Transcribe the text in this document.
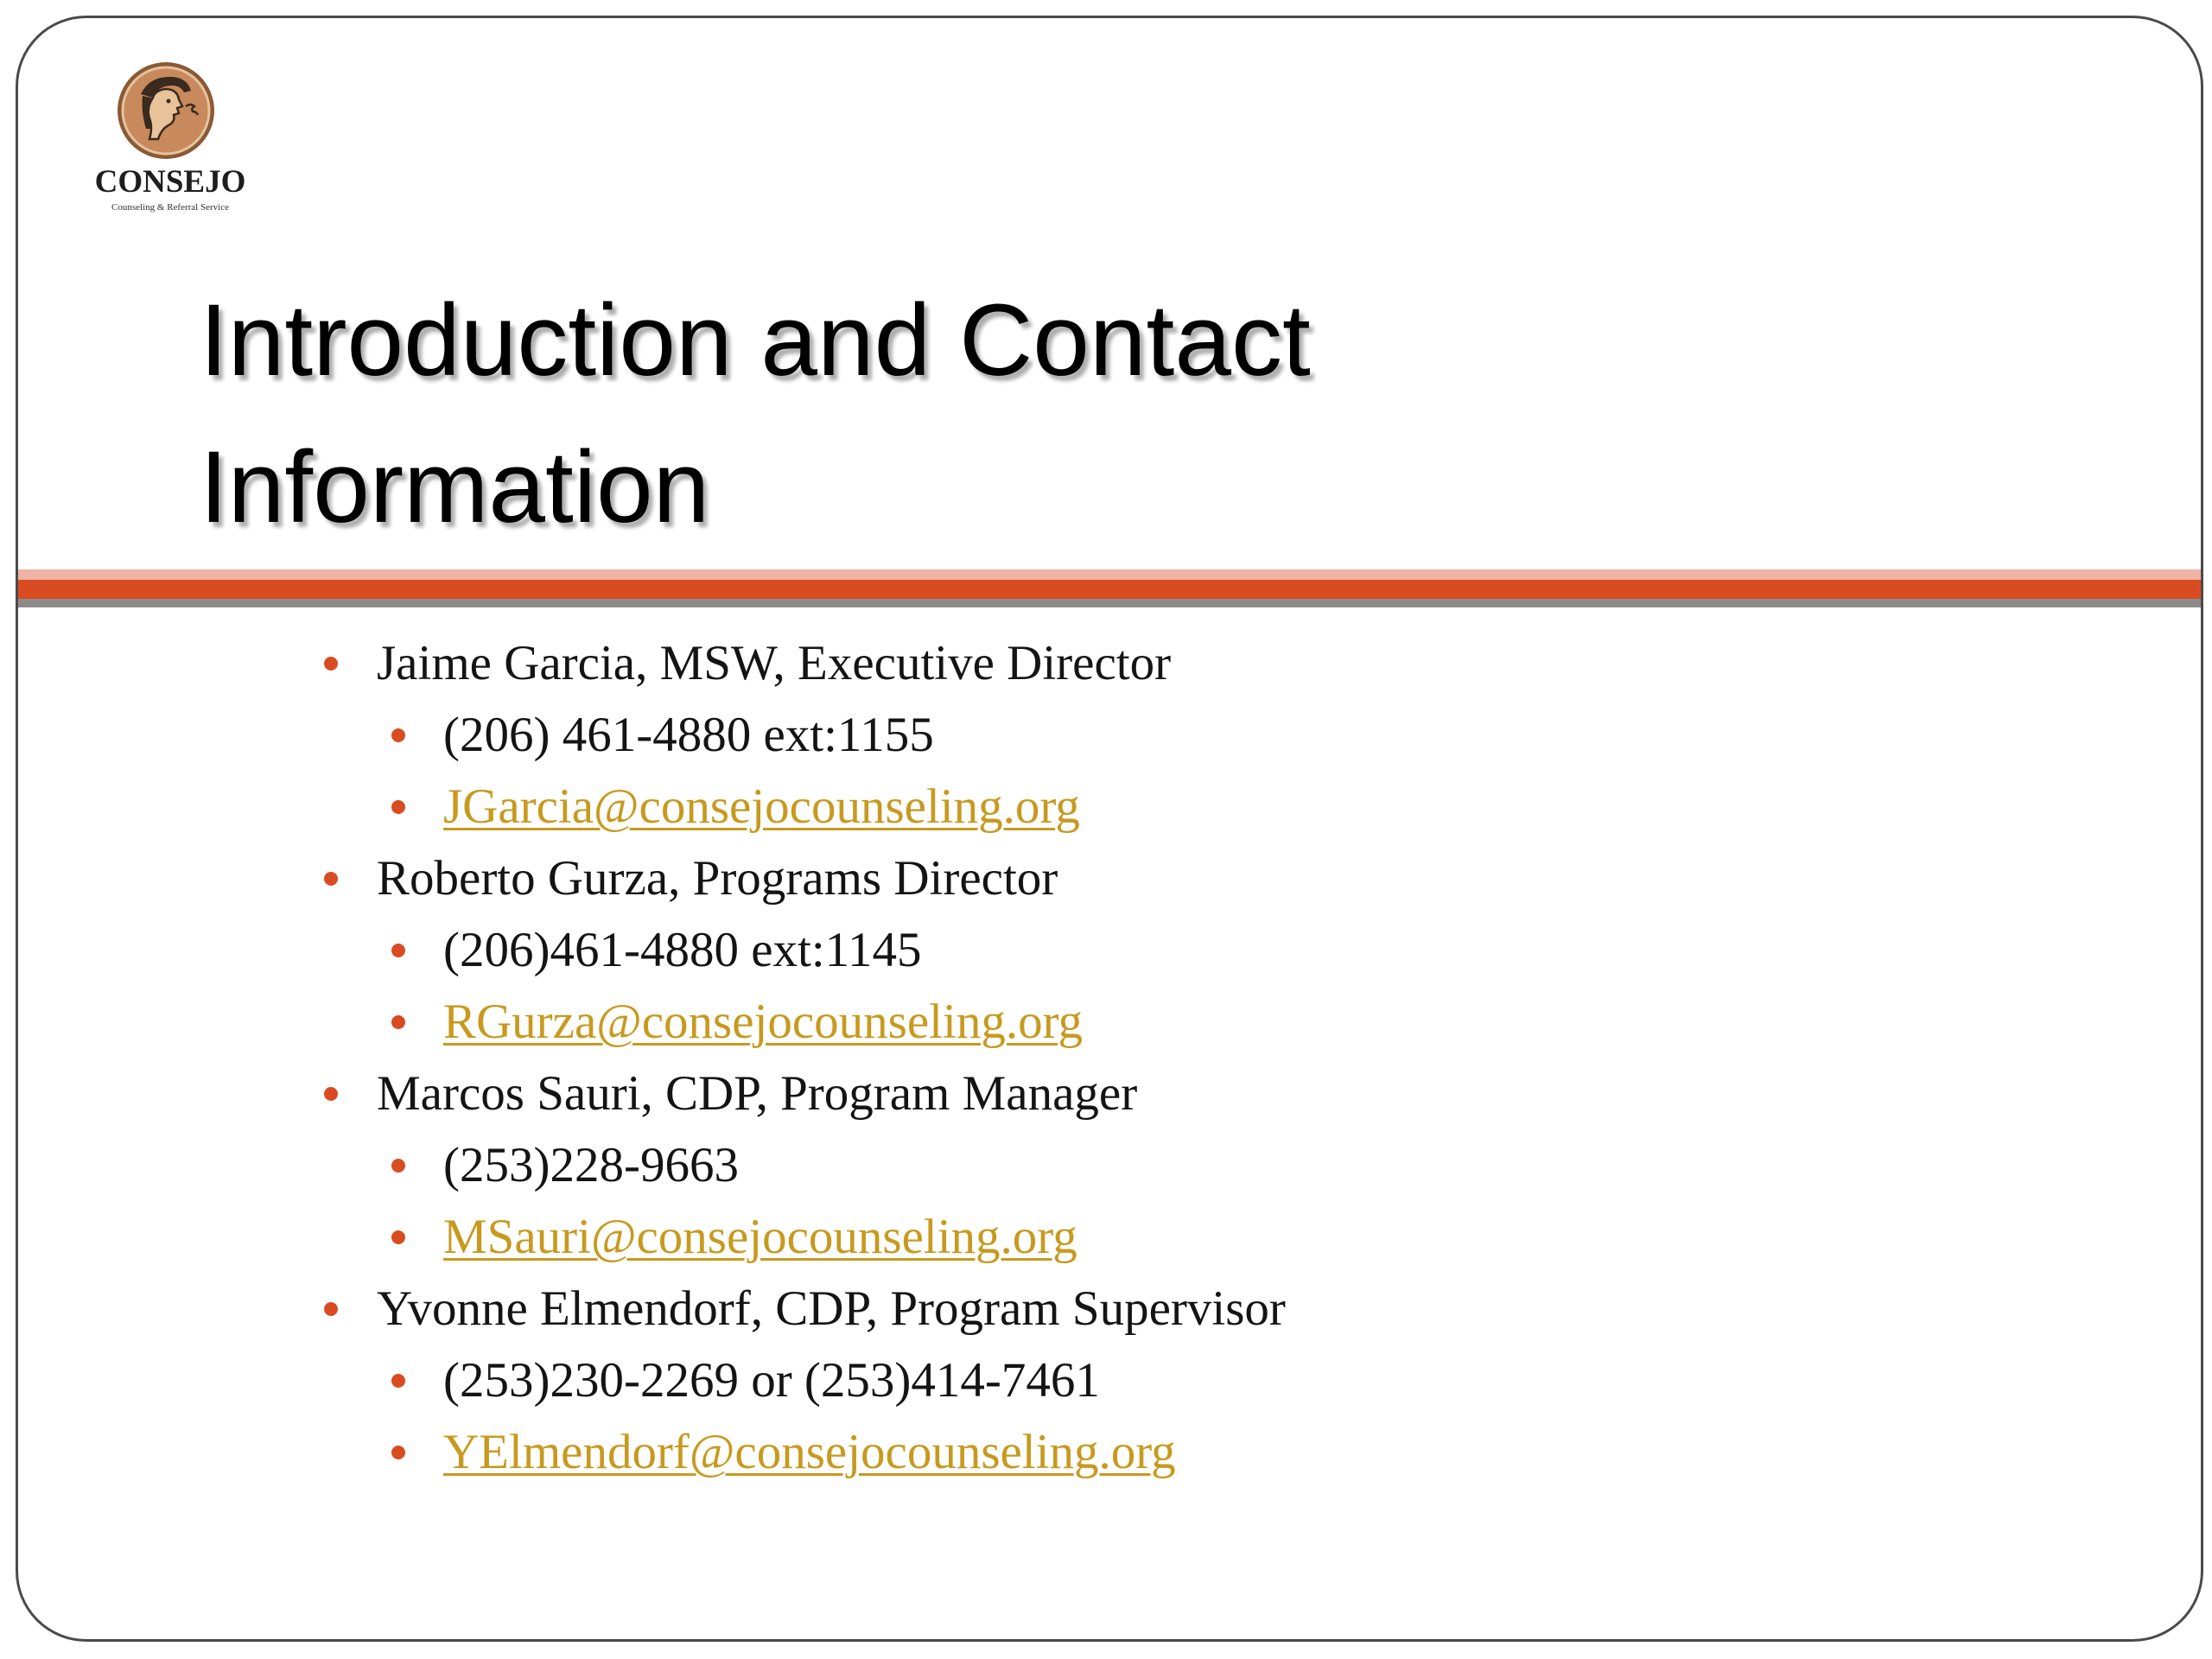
CONSEJO
Counseling & Referral Service
Introduction and Contact
Information
Jaime Garcia, MSW, Executive Director
(206) 461-4880 ext:1155
JGarcia@consejocounseling.org
Roberto Gurza, Programs Director
(206)461-4880 ext:1145
RGurza@consejocounseling.org
Marcos Sauri, CDP, Program Manager
(253)228-9663
MSauri@consejocounseling.org
Yvonne Elmendorf, CDP, Program Supervisor
(253)230-2269 or (253)414-7461
YElmendorf@consejocounseling.org
